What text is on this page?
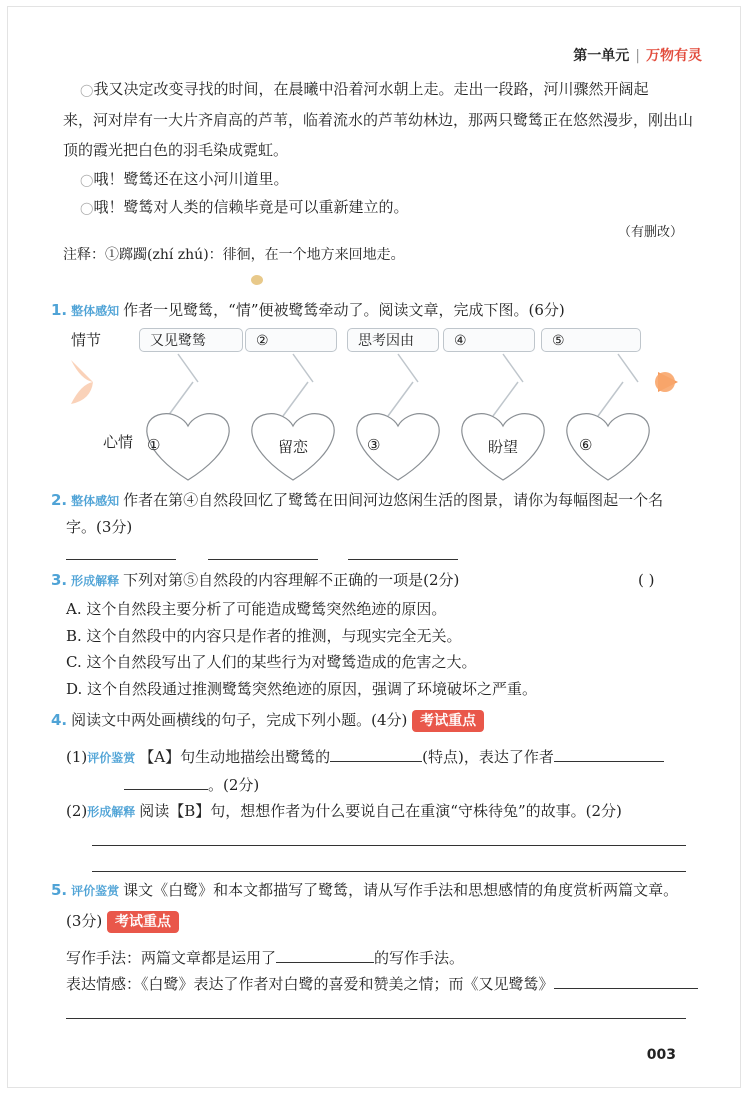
第一单元 | 万物有灵
◯我又决定改变寻找的时间，在晨曦中沿着河水朝上走。走出一段路，河川骤然开阔起
来，河对岸有一大片齐肩高的芦苇，临着流水的芦苇幼林边，那两只鹭鸶正在悠然漫步，刚出山
顶的霞光把白色的羽毛染成霓虹。
◯哦！鹭鸶还在这小河川道里。
◯哦！鹭鸶对人类的信赖毕竟是可以重新建立的。
（有删改）
注释：①踯躅(zhí zhú)：徘徊，在一个地方来回地走。
1. 整体感知 作者一见鹭鸶，“情”便被鹭鸶牵动了。阅读文章，完成下图。(6分)
情节	又见鹭鸶	②	思考因由	④	⑤
心情 ①	留恋	③	盼望	⑥
2. 整体感知 作者在第④自然段回忆了鹭鸶在田间河边悠闲生活的图景，请你为每幅图起一个名
字。(3分)
3. 形成解释 下列对第⑤自然段的内容理解不正确的一项是(2分)	( )
A. 这个自然段主要分析了可能造成鹭鸶突然绝迹的原因。
B. 这个自然段中的内容只是作者的推测，与现实完全无关。
C. 这个自然段写出了人们的某些行为对鹭鸶造成的危害之大。
D. 这个自然段通过推测鹭鸶突然绝迹的原因，强调了环境破坏之严重。
4. 阅读文中两处画横线的句子，完成下列小题。(4分) 考试重点
(1)评价鉴赏 【A】句生动地描绘出鹭鸶的	(特点)，表达了作者
。(2分)
(2)形成解释 阅读【B】句，想想作者为什么要说自己在重演“守株待兔”的故事。(2分)
5. 评价鉴赏 课文《白鹭》和本文都描写了鹭鸶，请从写作手法和思想感情的角度赏析两篇文章。
(3分) 考试重点
写作手法：两篇文章都是运用了	的写作手法。
表达情感：《白鹭》表达了作者对白鹭的喜爱和赞美之情；而《又见鹭鸶》
003
